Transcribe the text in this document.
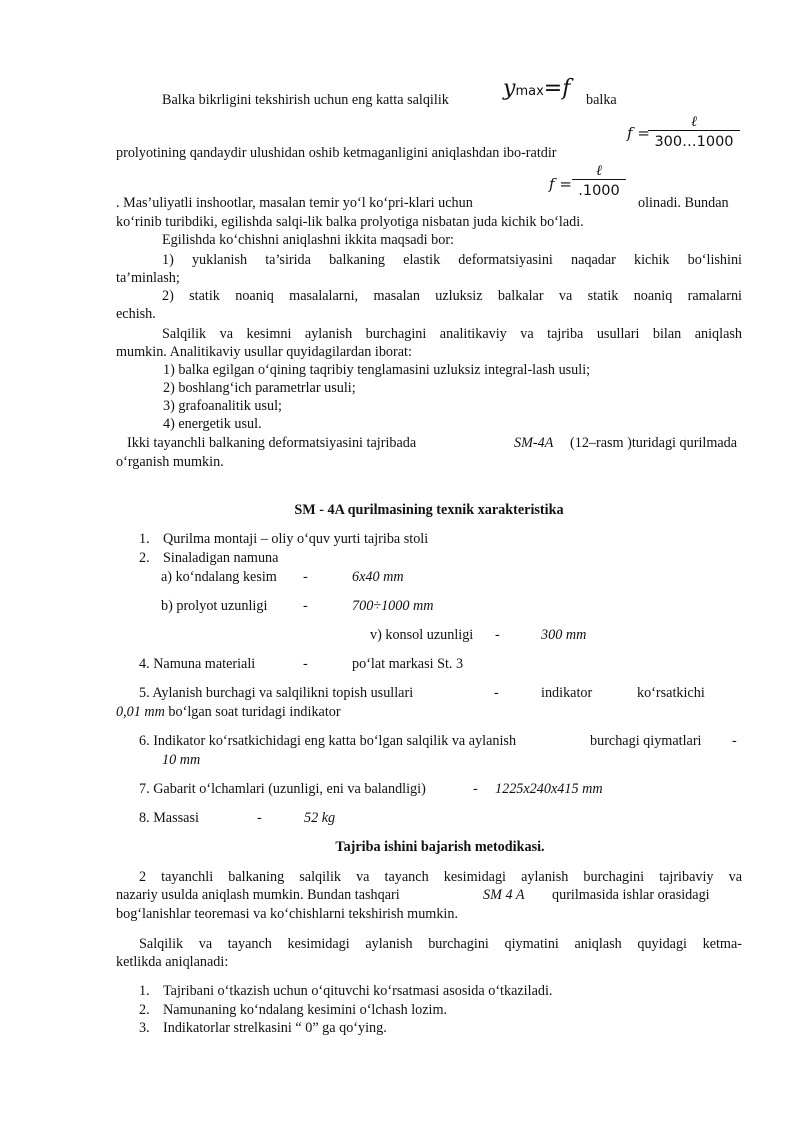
Balka bikrligini tekshirish uchun eng katta salqilik ymax=f balka
prolyotining qandaydir ulushidan oshib ketmaganligini aniqlashdan ibo-ratdir
f =
ℓ
300…1000
. Mas’uliyatli inshootlar, masalan temir yo‘l ko‘pri-klari uchun
f =
ℓ
.1000
olinadi. Bundan
ko‘rinib turibdiki, egilishda salqi-lik balka prolyotiga nisbatan juda kichik bo‘ladi.
Egilishda ko‘chishni aniqlashni ikkita maqsadi bor:
1) yuklanish ta’sirida balkaning elastik deformatsiyasini naqadar kichik bo‘lishini
ta’minlash;
2) statik noaniq masalalarni, masalan uzluksiz balkalar va statik noaniq ramalarni
echish.
Salqilik va kesimni aylanish burchagini analitikaviy va tajriba usullari bilan aniqlash
mumkin. Analitikaviy usullar quyidagilardan iborat:
1) balka egilgan o‘qining taqribiy tenglamasini uzluksiz integral-lash usuli;
2) boshlang‘ich parametrlar usuli;
3) grafoanalitik usul;
4) energetik usul.
Ikki tayanchli balkaning deformatsiyasini tajribada	SM-4A (12–rasm )turidagi qurilmada
o‘rganish mumkin.
SM - 4A qurilmasining texnik xarakteristika
1. Qurilma montaji – oliy o‘quv yurti tajriba stoli
2. Sinaladigan namuna
a) ko‘ndalang kesim -	6x40 mm
b) prolyot uzunligi	-	700÷1000 mm
v) konsol uzunligi -	300 mm
4. Namuna materiali	-	po‘lat markasi St. 3
5. Aylanish burchagi va salqilikni topish usullari	-	indikator	ko‘rsatkichi
0,01 mm bo‘lgan soat turidagi indikator
6. Indikator ko‘rsatkichidagi eng katta bo‘lgan salqilik va aylanish	burchagi qiymatlari -
10 mm
7. Gabarit o‘lchamlari (uzunligi, eni va balandligi)	- 1225x240x415 mm
8. Massasi	-	52 kg
Tajriba ishini bajarish metodikasi.
2 tayanchli balkaning salqilik va tayanch kesimidagi aylanish burchagini tajribaviy va
nazariy usulda aniqlash mumkin. Bundan tashqari	SM 4 A qurilmasida ishlar orasidagi
bog‘lanishlar teoremasi va ko‘chishlarni tekshirish mumkin.
Salqilik va tayanch kesimidagi aylanish burchagini qiymatini aniqlash quyidagi ketma-
ketlikda aniqlanadi:
1. Tajribani o‘tkazish uchun o‘qituvchi ko‘rsatmasi asosida o‘tkaziladi.
2. Namunaning ko‘ndalang kesimini o‘lchash lozim.
3. Indikatorlar strelkasini “ 0” ga qo‘ying.
